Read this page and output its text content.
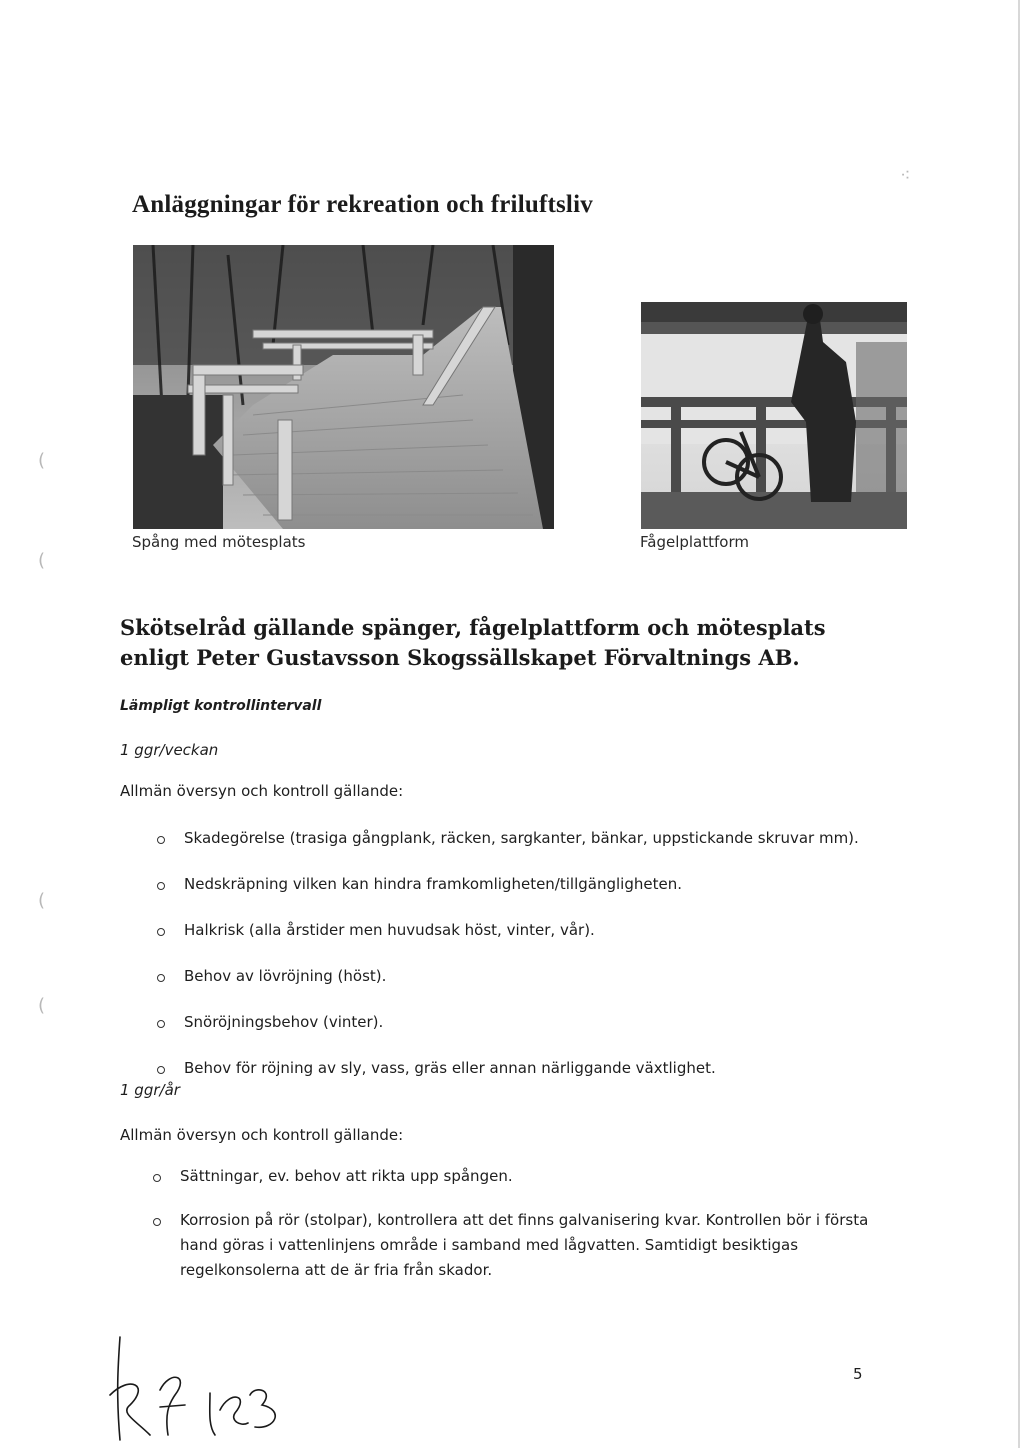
⁖
(
(
(
(
Anläggningar för rekreation och friluftsliv
Spång med mötesplats	Fågelplattform
Skötselråd gällande spänger, fågelplattform och mötesplats enligt Peter Gustavsson Skogssällskapet Förvaltnings AB.
Lämpligt kontrollintervall
1 ggr/veckan
Allmän översyn och kontroll gällande:
Skadegörelse (trasiga gångplank, räcken, sargkanter, bänkar, uppstickande skruvar mm).
Nedskräpning vilken kan hindra framkomligheten/tillgängligheten.
Halkrisk (alla årstider men huvudsak höst, vinter, vår).
Behov av lövröjning (höst).
Snöröjningsbehov (vinter).
Behov för röjning av sly, vass, gräs eller annan närliggande växtlighet.
1 ggr/år
Allmän översyn och kontroll gällande:
Sättningar, ev. behov att rikta upp spången.
Korrosion på rör (stolpar), kontrollera att det finns galvanisering kvar. Kontrollen bör i första hand göras i vattenlinjens område i samband med lågvatten. Samtidigt besiktigas regelkonsolerna att de är fria från skador.
5
